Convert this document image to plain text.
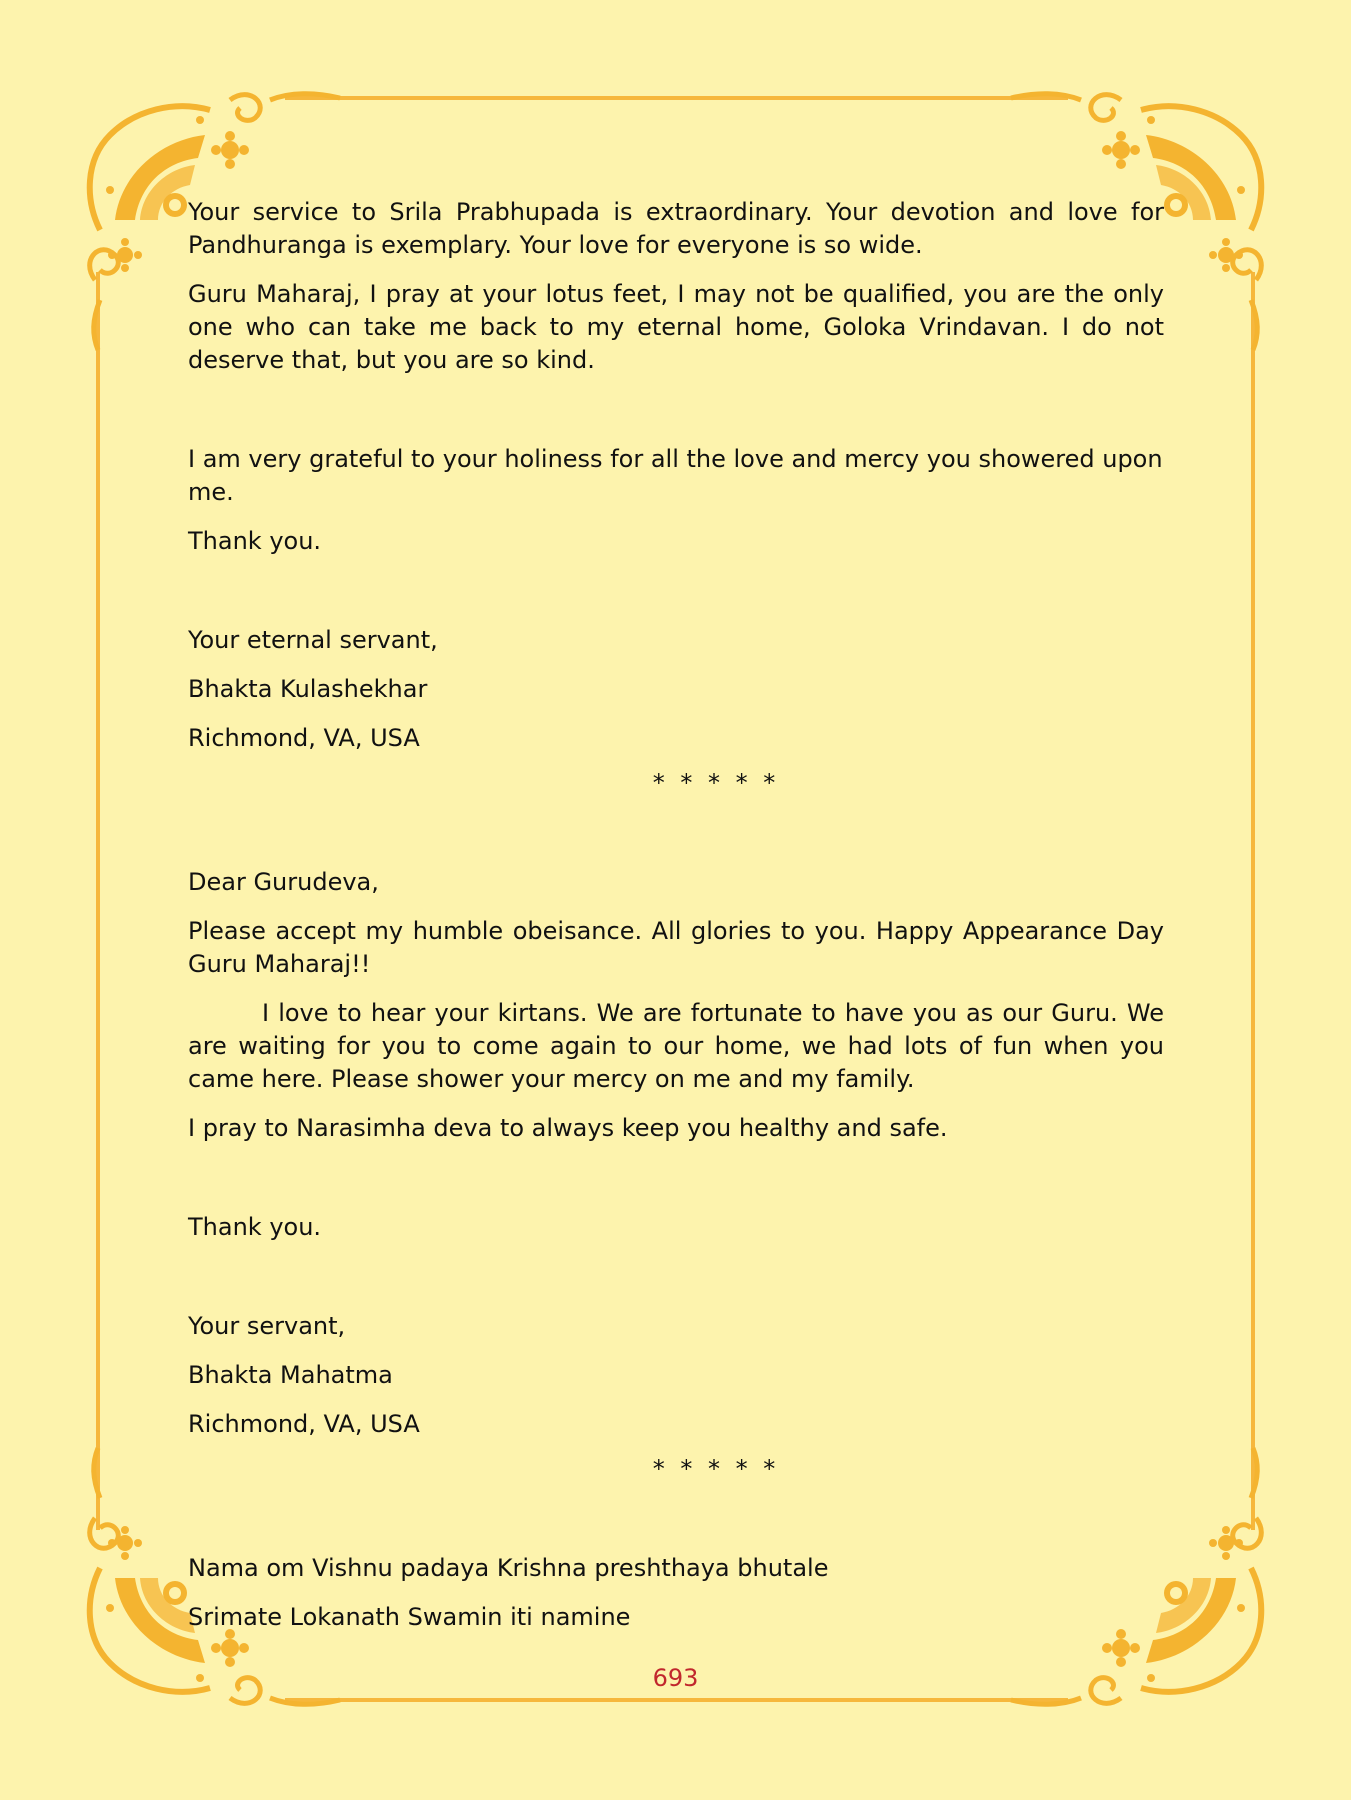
Your service to Srila Prabhupada is extraordinary. Your devotion and love for Pandhuranga is exemplary. Your love for everyone is so wide.

Guru Maharaj, I pray at your lotus feet, I may not be qualified, you are the only one who can take me back to my eternal home, Goloka Vrindavan. I do not deserve that, but you are so kind.

I am very grateful to your holiness for all the love and mercy you showered upon me.

Thank you.

Your eternal servant,

Bhakta Kulashekhar

Richmond, VA, USA

* * * * *

Dear Gurudeva,

Please accept my humble obeisance. All glories to you. Happy Appearance Day Guru Maharaj!!

I love to hear your kirtans. We are fortunate to have you as our Guru. We are waiting for you to come again to our home, we had lots of fun when you came here. Please shower your mercy on me and my family.

I pray to Narasimha deva to always keep you healthy and safe.

Thank you.

Your servant,

Bhakta Mahatma

Richmond, VA, USA

* * * * *

Nama om Vishnu padaya Krishna preshthaya bhutale

Srimate Lokanath Swamin iti namine

693
